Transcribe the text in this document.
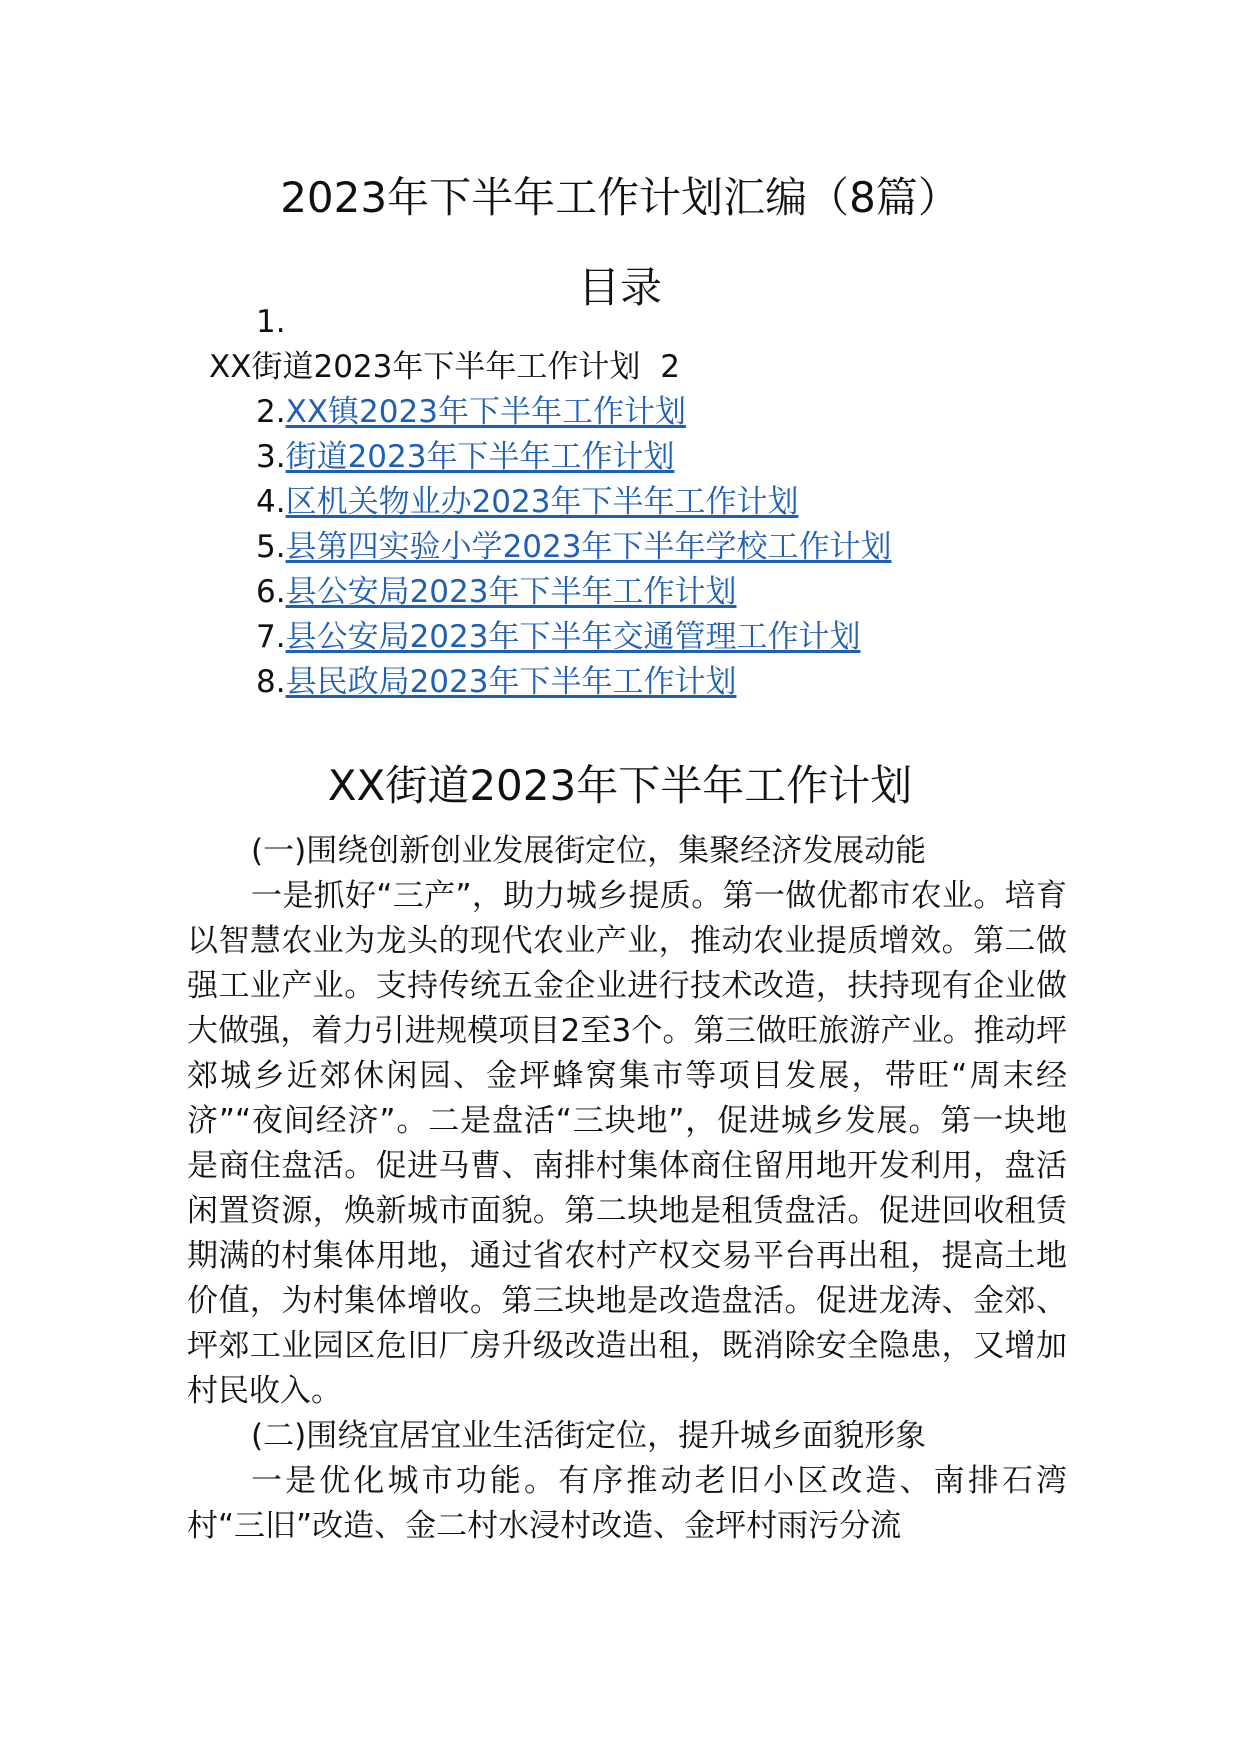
2023年下半年工作计划汇编（8篇）
目录
1.
XX街道2023年下半年工作计划 2
2.XX镇2023年下半年工作计划
3.街道2023年下半年工作计划
4.区机关物业办2023年下半年工作计划
5.县第四实验小学2023年下半年学校工作计划
6.县公安局2023年下半年工作计划
7.县公安局2023年下半年交通管理工作计划
8.县民政局2023年下半年工作计划
XX街道2023年下半年工作计划

(一)围绕创新创业发展街定位，集聚经济发展动能

一是抓好“三产”，助力城乡提质。第一做优都市农业。培育以智慧农业为龙头的现代农业产业，推动农业提质增效。第二做强工业产业。支持传统五金企业进行技术改造，扶持现有企业做大做强，着力引进规模项目2至3个。第三做旺旅游产业。推动坪郊城乡近郊休闲园、金坪蜂窝集市等项目发展，带旺“周末经济”“夜间经济”。二是盘活“三块地”，促进城乡发展。第一块地是商住盘活。促进马曹、南排村集体商住留用地开发利用，盘活闲置资源，焕新城市面貌。第二块地是租赁盘活。促进回收租赁期满的村集体用地，通过省农村产权交易平台再出租，提高土地价值，为村集体增收。第三块地是改造盘活。促进龙涛、金郊、坪郊工业园区危旧厂房升级改造出租，既消除安全隐患，又增加村民收入。

(二)围绕宜居宜业生活街定位，提升城乡面貌形象

一是优化城市功能。有序推动老旧小区改造、南排石湾村“三旧”改造、金二村水浸村改造、金坪村雨污分流
